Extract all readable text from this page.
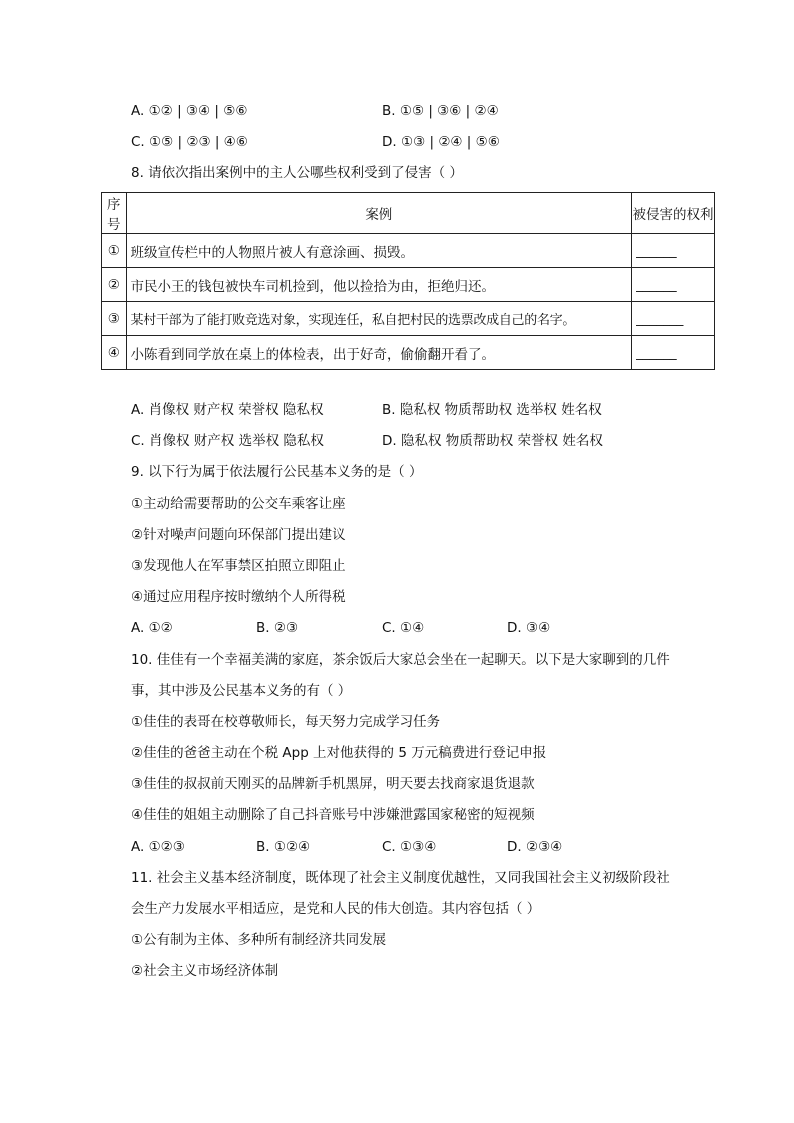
A. ①② | ③④ | ⑤⑥	B. ①⑤ | ③⑥ | ②④
C. ①⑤ | ②③ | ④⑥	D. ①③ | ②④ | ⑤⑥
8. 请依次指出案例中的主人公哪些权利受到了侵害（ ）
序号	案例	被侵害的权利
①	班级宣传栏中的人物照片被人有意涂画、损毁。	______
②	市民小王的钱包被快车司机捡到，他以捡拾为由，拒绝归还。	______
③	某村干部为了能打败竞选对象，实现连任，私自把村民的选票改成自己的名字。	_______
④	小陈看到同学放在桌上的体检表，出于好奇，偷偷翻开看了。	______
A. 肖像权 财产权 荣誉权 隐私权	B. 隐私权 物质帮助权 选举权 姓名权
C. 肖像权 财产权 选举权 隐私权	D. 隐私权 物质帮助权 荣誉权 姓名权
9. 以下行为属于依法履行公民基本义务的是（ ）
①主动给需要帮助的公交车乘客让座
②针对噪声问题向环保部门提出建议
③发现他人在军事禁区拍照立即阻止
④通过应用程序按时缴纳个人所得税
A. ①②	B. ②③	C. ①④	D. ③④
10. 佳佳有一个幸福美满的家庭，茶余饭后大家总会坐在一起聊天。以下是大家聊到的几件
事，其中涉及公民基本义务的有（ ）
①佳佳的表哥在校尊敬师长，每天努力完成学习任务
②佳佳的爸爸主动在个税 App 上对他获得的 5 万元稿费进行登记申报
③佳佳的叔叔前天刚买的品牌新手机黑屏，明天要去找商家退货退款
④佳佳的姐姐主动删除了自己抖音账号中涉嫌泄露国家秘密的短视频
A. ①②③	B. ①②④	C. ①③④	D. ②③④
11. 社会主义基本经济制度，既体现了社会主义制度优越性，又同我国社会主义初级阶段社
会生产力发展水平相适应，是党和人民的伟大创造。其内容包括（ ）
①公有制为主体、多种所有制经济共同发展
②社会主义市场经济体制
